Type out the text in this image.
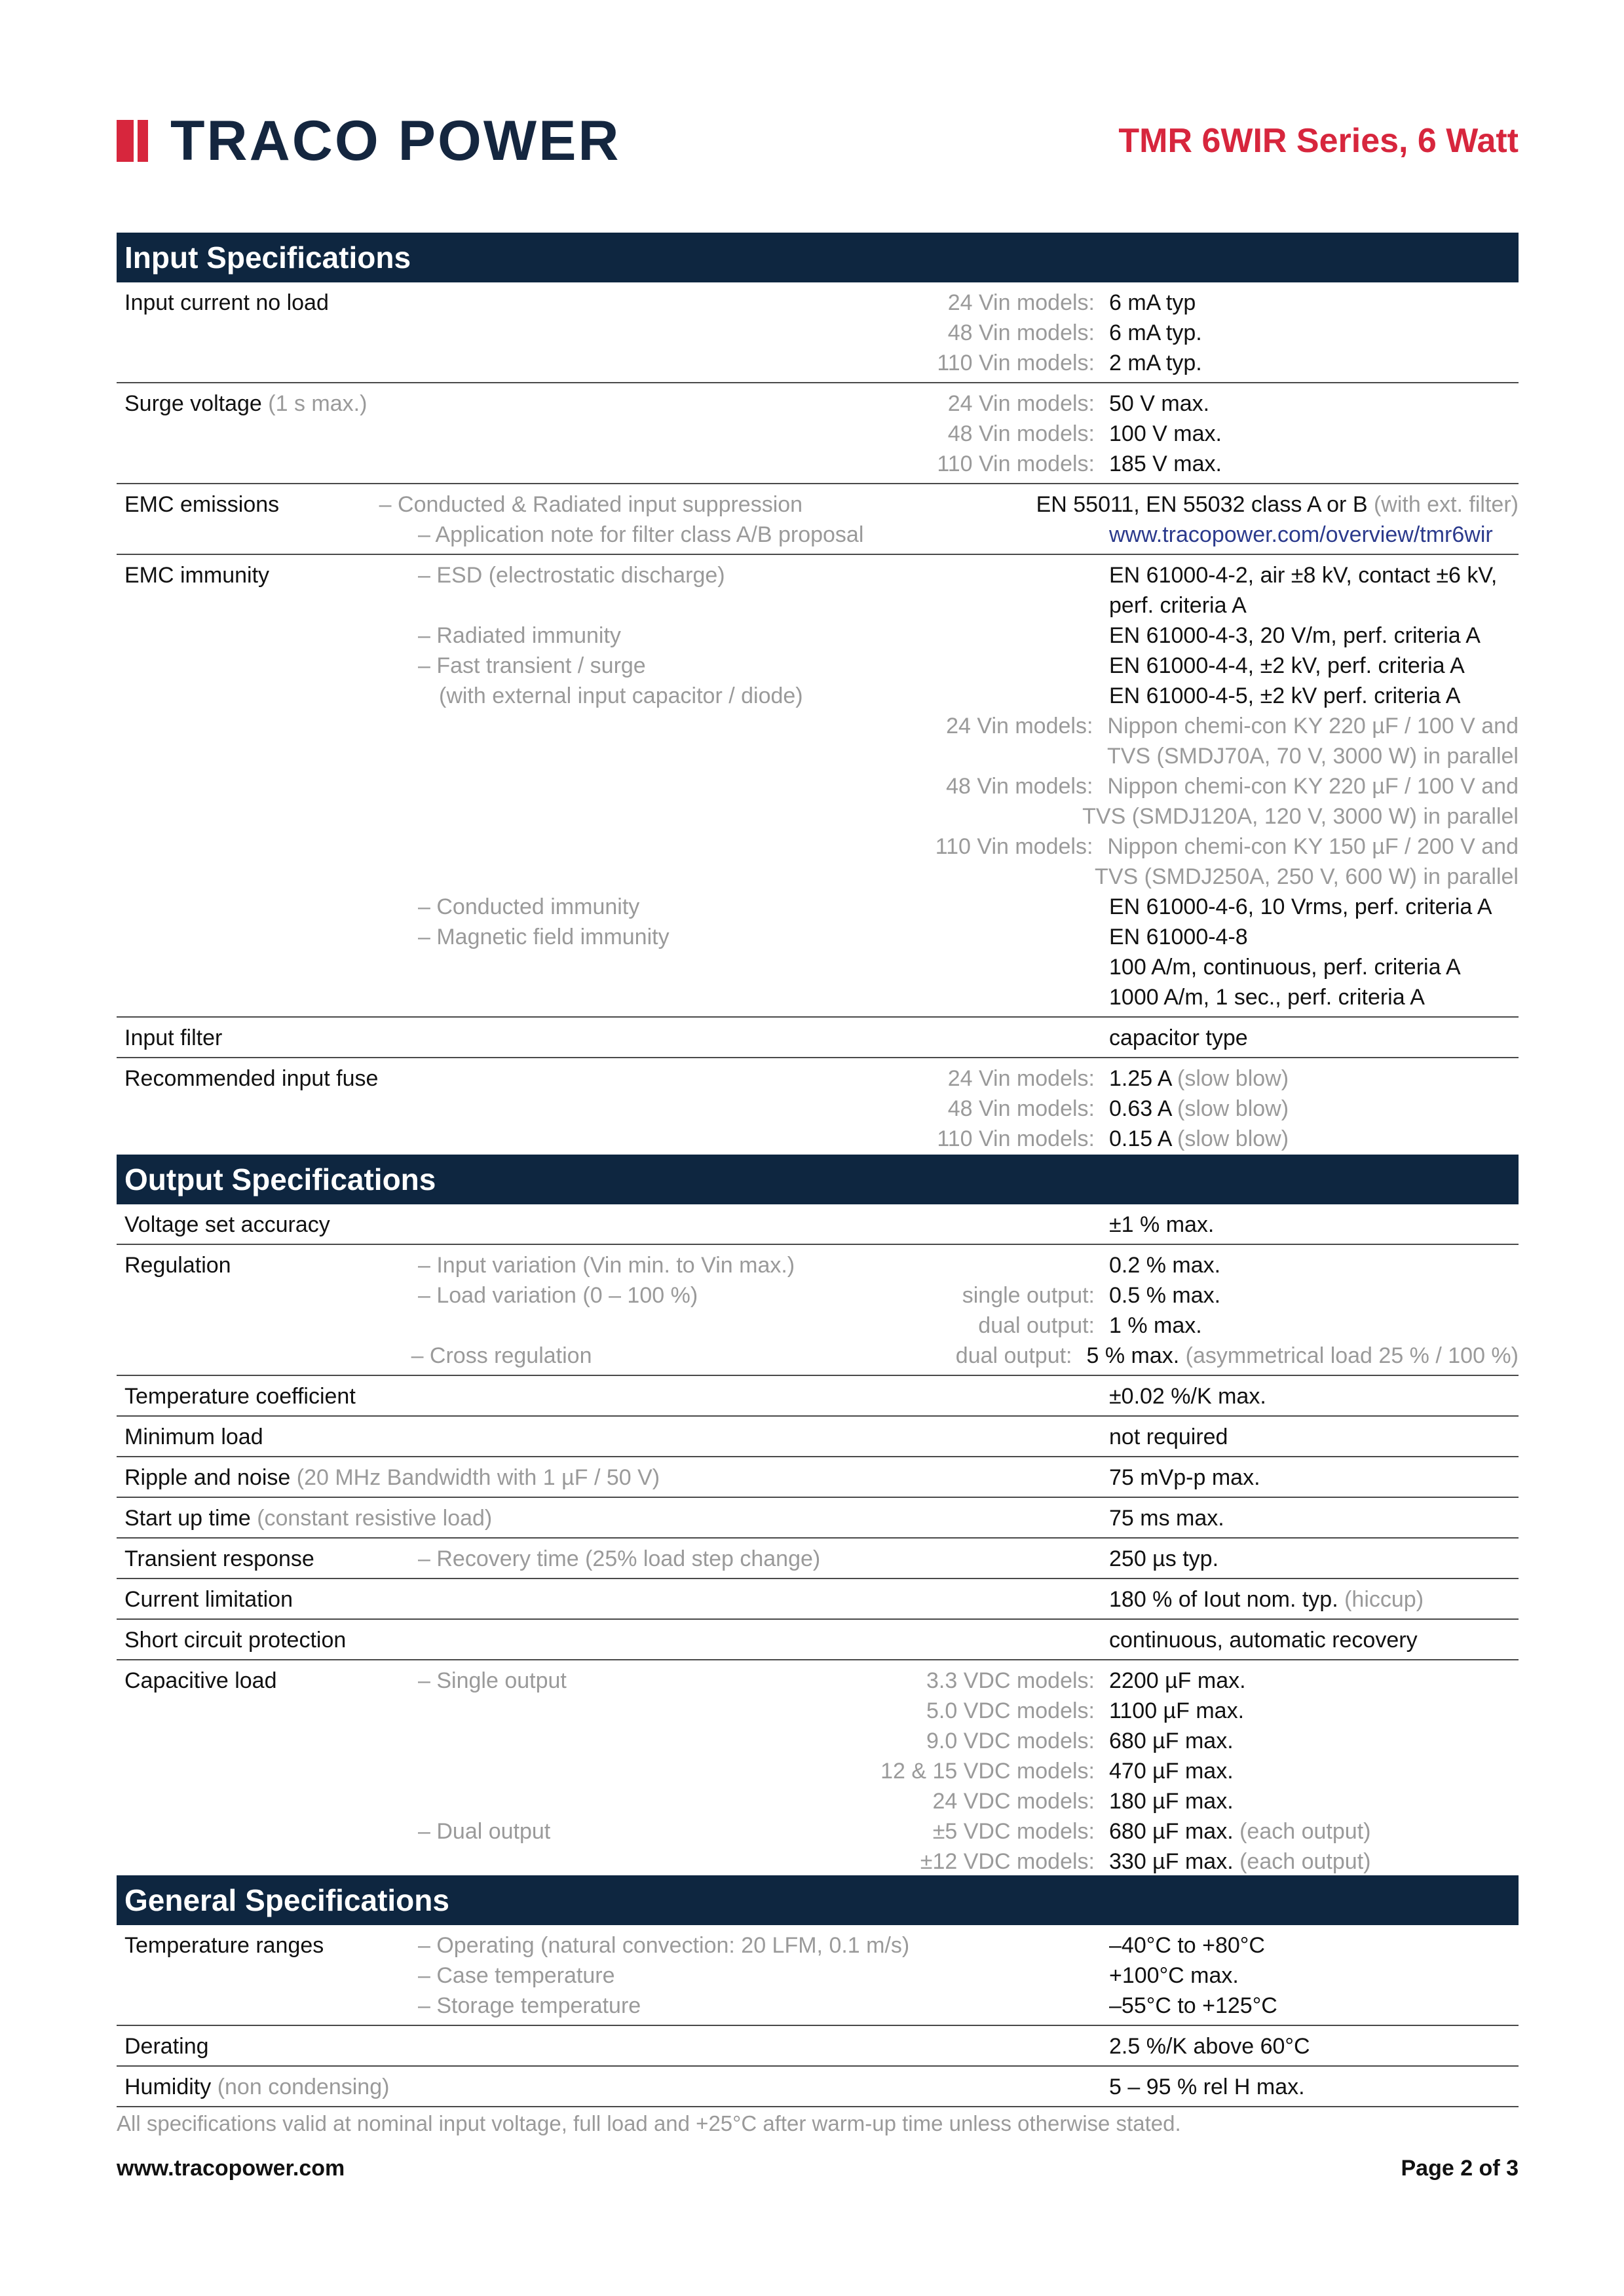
TRACO POWER	TMR 6WIR Series, 6 Watt
Input Specifications
Input current no load	24 Vin models: 6 mA typ
48 Vin models: 6 mA typ.
110 Vin models: 2 mA typ.
Surge voltage (1 s max.)	24 Vin models: 50 V max.
48 Vin models: 100 V max.
110 Vin models: 185 V max.
EMC emissions	– Conducted & Radiated input suppression	EN 55011, EN 55032 class A or B (with ext. filter)
– Application note for filter class A/B proposal	www.tracopower.com/overview/tmr6wir
EMC immunity	– ESD (electrostatic discharge)	EN 61000-4-2, air ±8 kV, contact ±6 kV,
perf. criteria A
– Radiated immunity	EN 61000-4-3, 20 V/m, perf. criteria A
– Fast transient / surge	EN 61000-4-4, ±2 kV, perf. criteria A
(with external input capacitor / diode)	EN 61000-4-5, ±2 kV perf. criteria A
24 Vin models: Nippon chemi-con KY 220 µF / 100 V and
TVS (SMDJ70A, 70 V, 3000 W) in parallel
48 Vin models: Nippon chemi-con KY 220 µF / 100 V and
TVS (SMDJ120A, 120 V, 3000 W) in parallel
110 Vin models: Nippon chemi-con KY 150 µF / 200 V and
TVS (SMDJ250A, 250 V, 600 W) in parallel
– Conducted immunity	EN 61000-4-6, 10 Vrms, perf. criteria A
– Magnetic field immunity	EN 61000-4-8
100 A/m, continuous, perf. criteria A
1000 A/m, 1 sec., perf. criteria A
Input filter	capacitor type
Recommended input fuse	24 Vin models: 1.25 A (slow blow)
48 Vin models: 0.63 A (slow blow)
110 Vin models: 0.15 A (slow blow)
Output Specifications
Voltage set accuracy	±1 % max.
Regulation	– Input variation (Vin min. to Vin max.)	0.2 % max.
– Load variation (0 – 100 %)	single output: 0.5 % max.
dual output: 1 % max.
– Cross regulation	dual output: 5 % max. (asymmetrical load 25 % / 100 %)
Temperature coefficient	±0.02 %/K max.
Minimum load	not required
Ripple and noise (20 MHz Bandwidth with 1 µF / 50 V)	75 mVp-p max.
Start up time (constant resistive load)	75 ms max.
Transient response	– Recovery time (25% load step change)	250 µs typ.
Current limitation	180 % of Iout nom. typ. (hiccup)
Short circuit protection	continuous, automatic recovery
Capacitive load	– Single output	3.3 VDC models: 2200 µF max.
5.0 VDC models: 1100 µF max.
9.0 VDC models: 680 µF max.
12 & 15 VDC models: 470 µF max.
24 VDC models: 180 µF max.
– Dual output	±5 VDC models: 680 µF max. (each output)
±12 VDC models: 330 µF max. (each output)
General Specifications
Temperature ranges	– Operating (natural convection: 20 LFM, 0.1 m/s)	–40°C to +80°C
– Case temperature	+100°C max.
– Storage temperature	–55°C to +125°C
Derating	2.5 %/K above 60°C
Humidity (non condensing)	5 – 95 % rel H max.
All specifications valid at nominal input voltage, full load and +25°C after warm-up time unless otherwise stated.
www.tracopower.com	Page 2 of 3
